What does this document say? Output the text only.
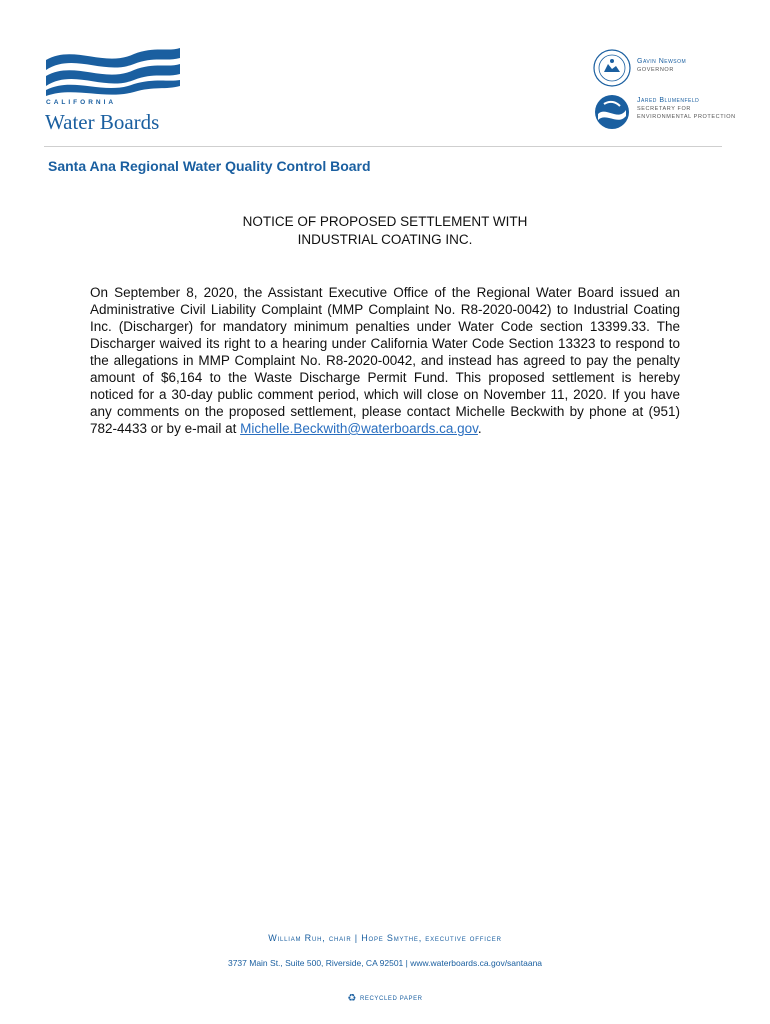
CALIFORNIA
Water Boards
Gavin Newsom
GOVERNOR
Jared Blumenfeld
SECRETARY FOR
ENVIRONMENTAL PROTECTION
Santa Ana Regional Water Quality Control Board
NOTICE OF PROPOSED SETTLEMENT WITH
INDUSTRIAL COATING INC.
On September 8, 2020, the Assistant Executive Office of the Regional Water Board issued an Administrative Civil Liability Complaint (MMP Complaint No. R8-2020-0042) to Industrial Coating Inc. (Discharger) for mandatory minimum penalties under Water Code section 13399.33. The Discharger waived its right to a hearing under California Water Code Section 13323 to respond to the allegations in MMP Complaint No. R8-2020-0042, and instead has agreed to pay the penalty amount of $6,164 to the Waste Discharge Permit Fund. This proposed settlement is hereby noticed for a 30-day public comment period, which will close on November 11, 2020. If you have any comments on the proposed settlement, please contact Michelle Beckwith by phone at (951) 782-4433 or by e-mail at Michelle.Beckwith@waterboards.ca.gov.
William Ruh, chair | Hope Smythe, executive officer
3737 Main St., Suite 500, Riverside, CA 92501 | www.waterboards.ca.gov/santaana
♻ RECYCLED PAPER
